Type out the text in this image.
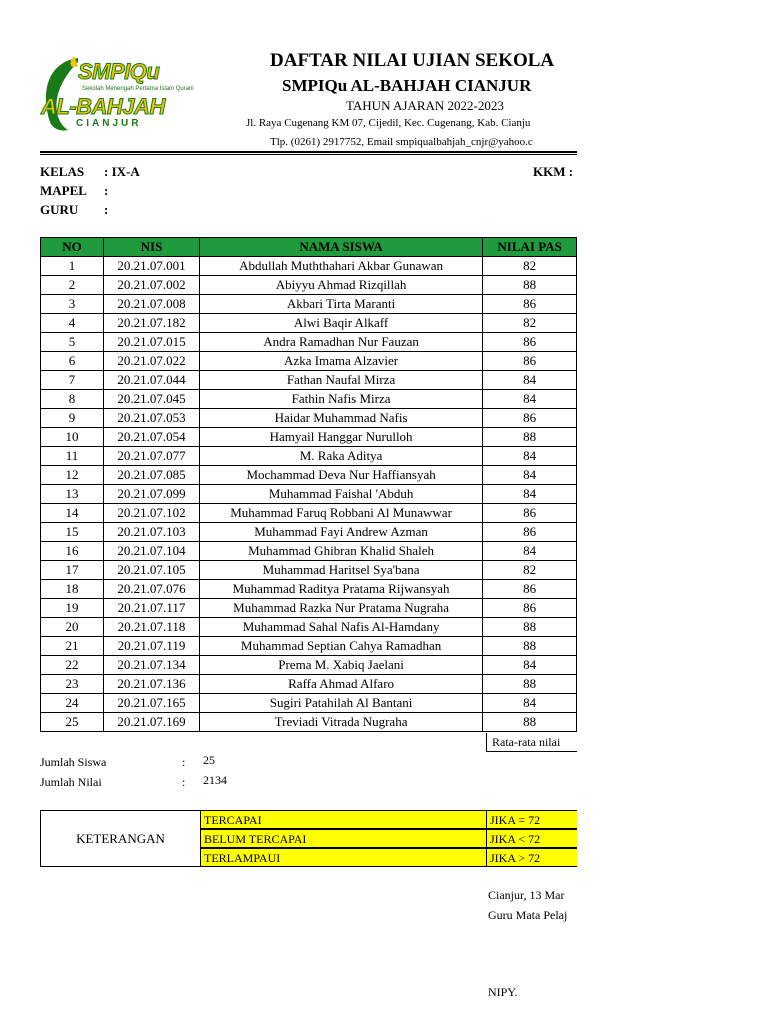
SMPIQu
Sekolah Menengah Pertama Islam Qurani
AL-BAHJAH
CIANJUR
DAFTAR NILAI UJIAN SEKOLA
SMPIQu AL-BAHJAH CIANJUR
TAHUN AJARAN 2022-2023
Jl. Raya Cugenang KM 07, Cijedil, Kec. Cugenang, Kab. Cianju
Tlp. (0261) 2917752, Email smpiqualbahjah_cnjr@yahoo.c
KELAS : IX-A
MAPEL :
GURU :
KKM :
NO	NIS	NAMA SISWA	NILAI PAS
1	20.21.07.001	Abdullah Muththahari Akbar Gunawan	82
2	20.21.07.002	Abiyyu Ahmad Rizqillah	88
3	20.21.07.008	Akbari Tirta Maranti	86
4	20.21.07.182	Alwi Baqir Alkaff	82
5	20.21.07.015	Andra Ramadhan Nur Fauzan	86
6	20.21.07.022	Azka Imama Alzavier	86
7	20.21.07.044	Fathan Naufal Mirza	84
8	20.21.07.045	Fathin Nafis Mirza	84
9	20.21.07.053	Haidar Muhammad Nafis	86
10	20.21.07.054	Hamyail Hanggar Nurulloh	88
11	20.21.07.077	M. Raka Aditya	84
12	20.21.07.085	Mochammad Deva Nur Haffiansyah	84
13	20.21.07.099	Muhammad Faishal 'Abduh	84
14	20.21.07.102	Muhammad Faruq Robbani Al Munawwar	86
15	20.21.07.103	Muhammad Fayi Andrew Azman	86
16	20.21.07.104	Muhammad Ghibran Khalid Shaleh	84
17	20.21.07.105	Muhammad Haritsel Sya'bana	82
18	20.21.07.076	Muhammad Raditya Pratama Rijwansyah	86
19	20.21.07.117	Muhammad Razka Nur Pratama Nugraha	86
20	20.21.07.118	Muhammad Sahal Nafis Al-Hamdany	88
21	20.21.07.119	Muhammad Septian Cahya Ramadhan	88
22	20.21.07.134	Prema M. Xabiq Jaelani	84
23	20.21.07.136	Raffa Ahmad Alfaro	88
24	20.21.07.165	Sugiri Patahilah Al Bantani	84
25	20.21.07.169	Treviadi Vitrada Nugraha	88
Rata-rata nilai
Jumlah Siswa	: 25
Jumlah Nilai	: 2134
KETERANGAN
TERCAPAI	JIKA = 72
BELUM TERCAPAI	JIKA < 72
TERLAMPAUI	JIKA > 72
Cianjur, 13 Mar
Guru Mata Pelaj
NIPY.
